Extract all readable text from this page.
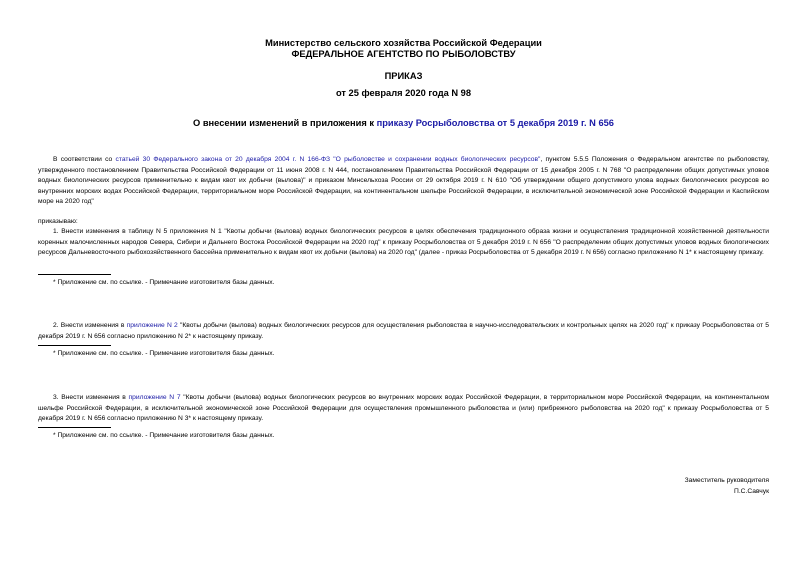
Министерство сельского хозяйства Российской Федерации
ФЕДЕРАЛЬНОЕ АГЕНТСТВО ПО РЫБОЛОВСТВУ
ПРИКАЗ
от 25 февраля 2020 года N 98
О внесении изменений в приложения к приказу Росрыболовства от 5 декабря 2019 г. N 656

В соответствии со статьей 30 Федерального закона от 20 декабря 2004 г. N 166-ФЗ "О рыболовстве и сохранении водных биологических ресурсов", пунктом 5.5.5 Положения о Федеральном агентстве по рыболовству, утвержденного постановлением Правительства Российской Федерации от 11 июня 2008 г. N 444, постановлением Правительства Российской Федерации от 15 декабря 2005 г. N 768 "О распределении общих допустимых уловов водных биологических ресурсов применительно к видам квот их добычи (вылова)" и приказом Минсельхоза России от 29 октября 2019 г. N 610 "Об утверждении общего допустимого улова водных биологических ресурсов во внутренних морских водах Российской Федерации, территориальном море Российской Федерации, на континентальном шельфе Российской Федерации, в исключительной экономической зоне Российской Федерации и Каспийском море на 2020 год"

приказываю:

1. Внести изменения в таблицу N 5 приложения N 1 "Квоты добычи (вылова) водных биологических ресурсов в целях обеспечения традиционного образа жизни и осуществления традиционной хозяйственной деятельности коренных малочисленных народов Севера, Сибири и Дальнего Востока Российской Федерации на 2020 год" к приказу Росрыболовства от 5 декабря 2019 г. N 656 "О распределении общих допустимых уловов водных биологических ресурсов Дальневосточного рыбохозяйственного бассейна применительно к видам квот их добычи (вылова) на 2020 год" (далее - приказ Росрыболовства от 5 декабря 2019 г. N 656) согласно приложению N 1* к настоящему приказу.

* Приложение см. по ссылке. - Примечание изготовителя базы данных.

2. Внести изменения в приложение N 2 "Квоты добычи (вылова) водных биологических ресурсов для осуществления рыболовства в научно-исследовательских и контрольных целях на 2020 год" к приказу Росрыболовства от 5 декабря 2019 г. N 656 согласно приложению N 2* к настоящему приказу.

* Приложение см. по ссылке. - Примечание изготовителя базы данных.

3. Внести изменения в приложение N 7 "Квоты добычи (вылова) водных биологических ресурсов во внутренних морских водах Российской Федерации, в территориальном море Российской Федерации, на континентальном шельфе Российской Федерации, в исключительной экономической зоне Российской Федерации для осуществления промышленного рыболовства и (или) прибрежного рыболовства на 2020 год" к приказу Росрыболовства от 5 декабря 2019 г. N 656 согласно приложению N 3* к настоящему приказу.

* Приложение см. по ссылке. - Примечание изготовителя базы данных.
Заместитель руководителя
П.С.Савчук
